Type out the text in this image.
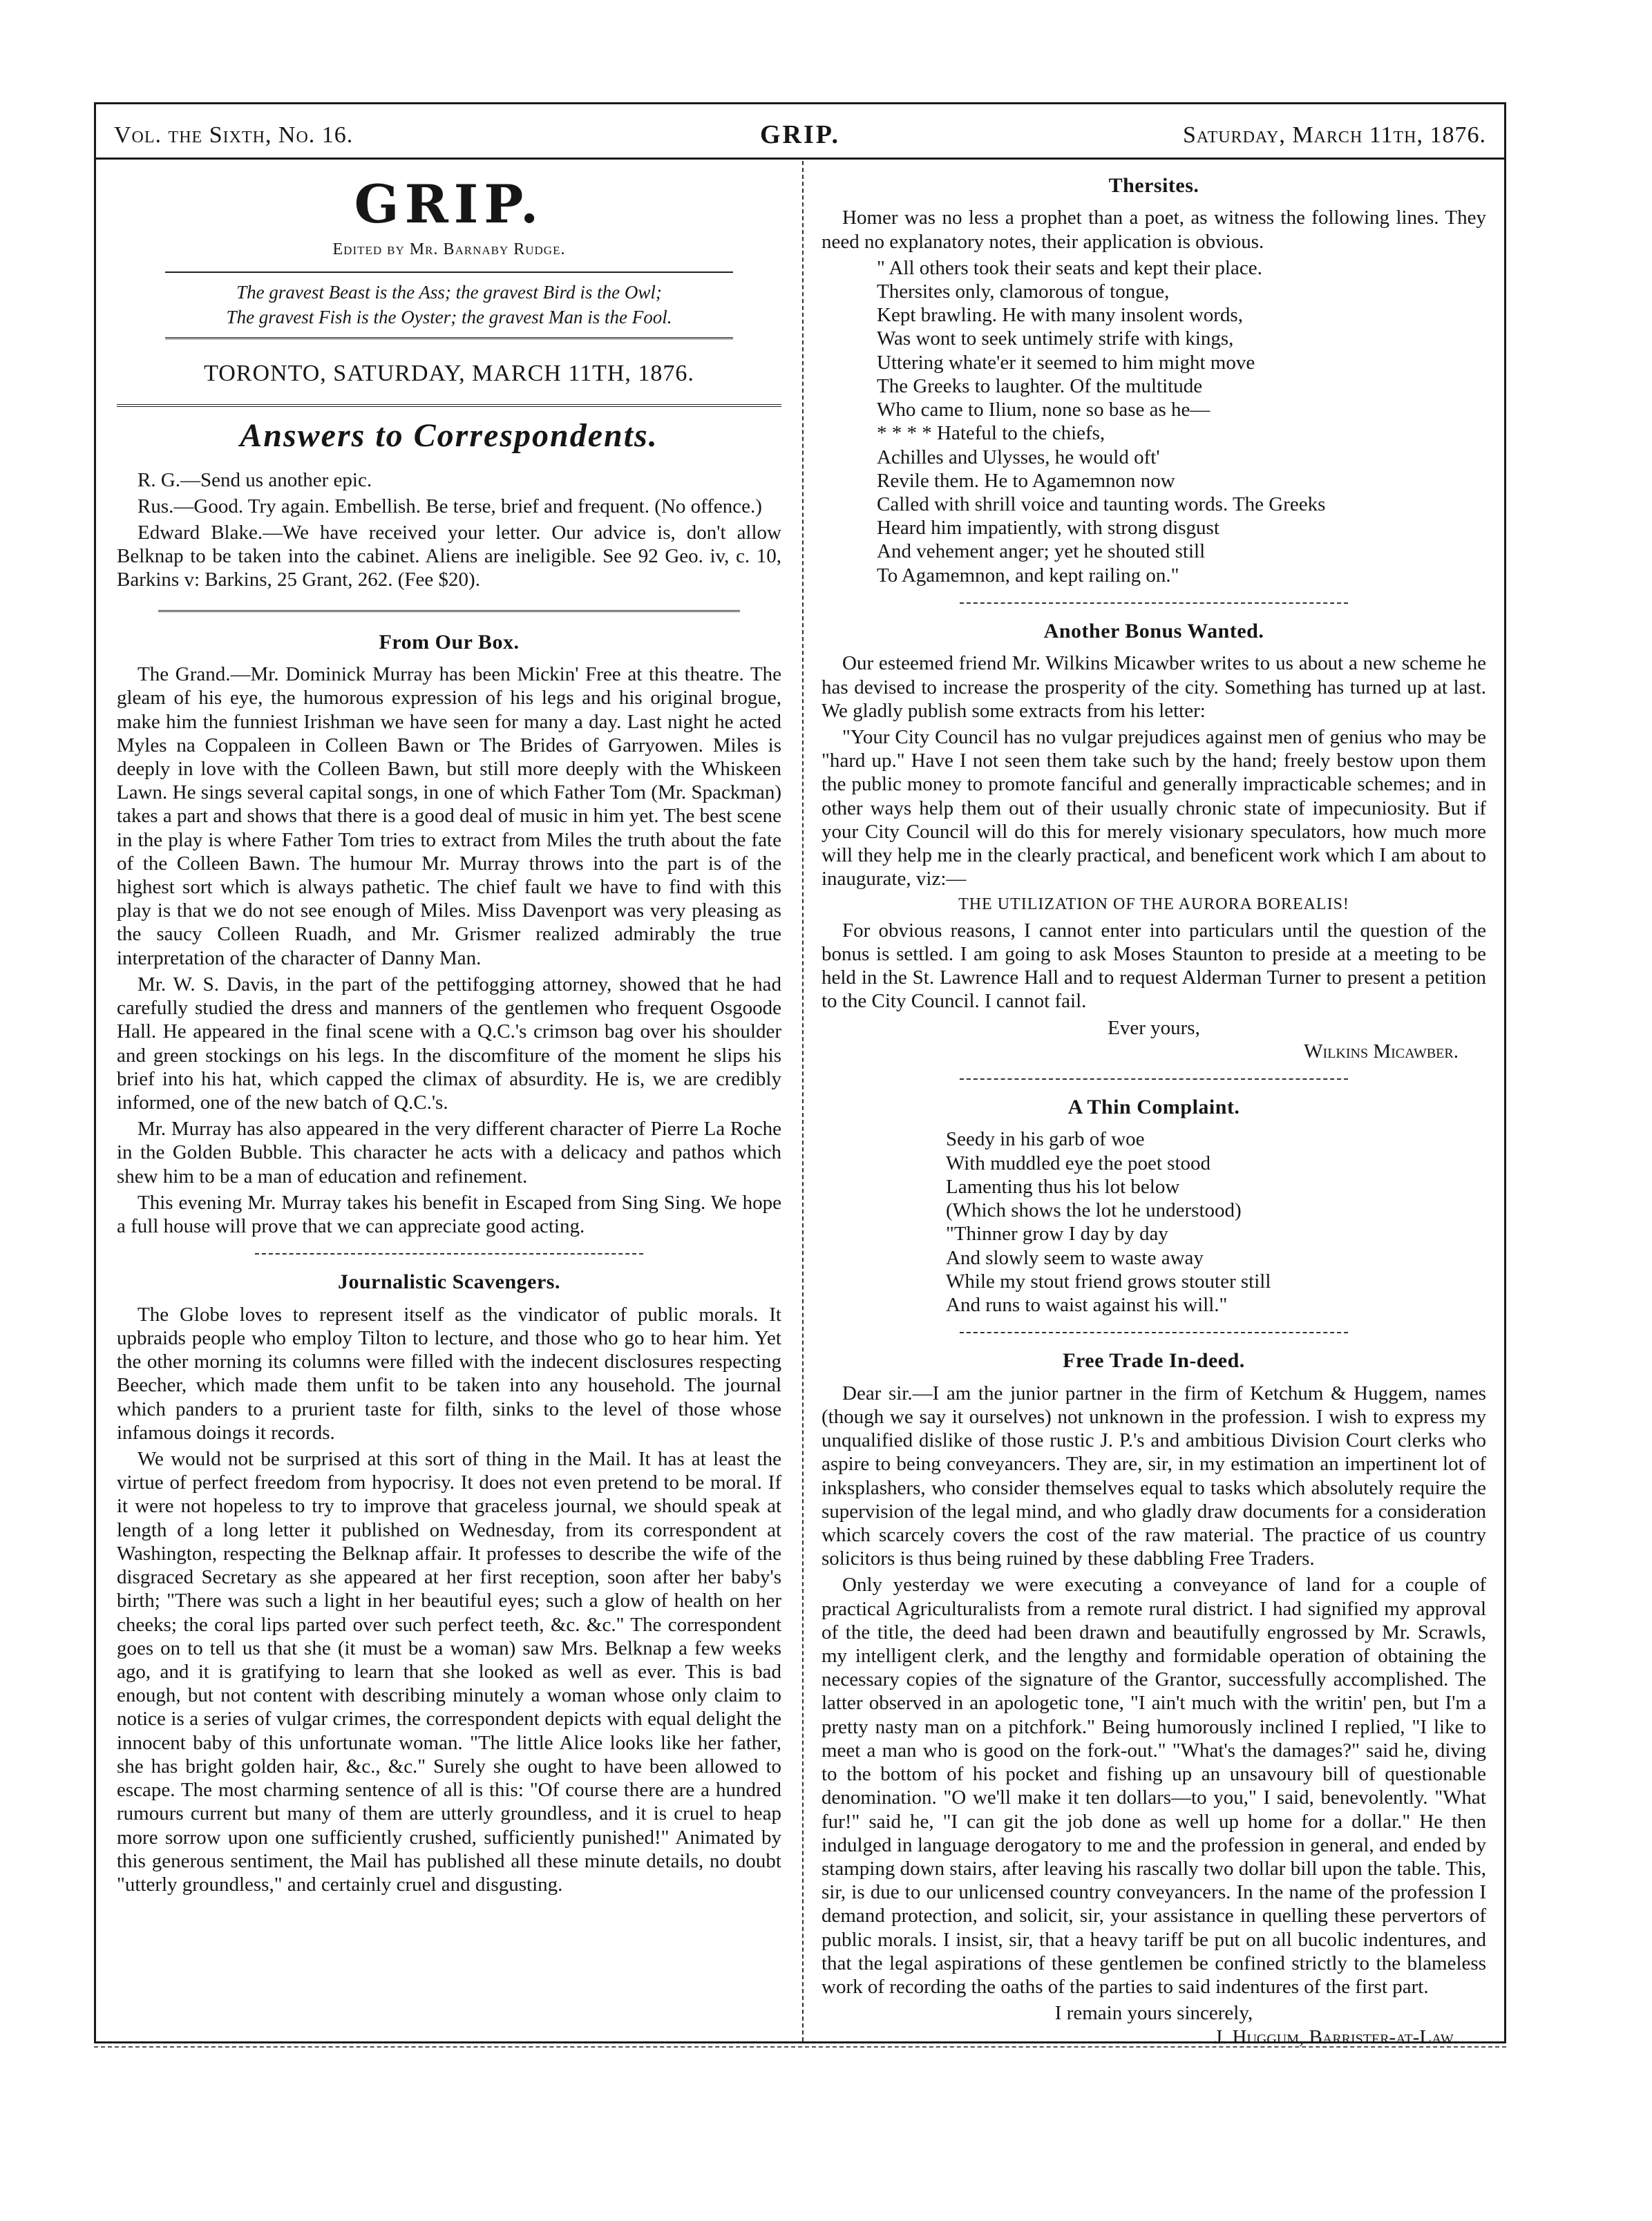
Vol. the Sixth, No. 16.	GRIP.	Saturday, March 11th, 1876.
GRIP.
Edited by Mr. Barnaby Rudge.
The gravest Beast is the Ass; the gravest Bird is the Owl;
The gravest Fish is the Oyster; the gravest Man is the Fool.
TORONTO, SATURDAY, MARCH 11TH, 1876.
Answers to Correspondents.

R. G.—Send us another epic.

Rus.—Good. Try again. Embellish. Be terse, brief and frequent. (No offence.)

Edward Blake.—We have received your letter. Our advice is, don't allow Belknap to be taken into the cabinet. Aliens are ineligible. See 92 Geo. iv, c. 10, Barkins v: Barkins, 25 Grant, 262. (Fee $20).

From Our Box.

The Grand.—Mr. Dominick Murray has been Mickin' Free at this theatre. The gleam of his eye, the humorous expression of his legs and his original brogue, make him the funniest Irishman we have seen for many a day. Last night he acted Myles na Coppaleen in Colleen Bawn or The Brides of Garryowen. Miles is deeply in love with the Colleen Bawn, but still more deeply with the Whiskeen Lawn. He sings several capital songs, in one of which Father Tom (Mr. Spackman) takes a part and shows that there is a good deal of music in him yet. The best scene in the play is where Father Tom tries to extract from Miles the truth about the fate of the Colleen Bawn. The humour Mr. Murray throws into the part is of the highest sort which is always pathetic. The chief fault we have to find with this play is that we do not see enough of Miles. Miss Davenport was very pleasing as the saucy Colleen Ruadh, and Mr. Grismer realized admirably the true interpretation of the character of Danny Man.

Mr. W. S. Davis, in the part of the pettifogging attorney, showed that he had carefully studied the dress and manners of the gentlemen who frequent Osgoode Hall. He appeared in the final scene with a Q.C.'s crimson bag over his shoulder and green stockings on his legs. In the discomfiture of the moment he slips his brief into his hat, which capped the climax of absurdity. He is, we are credibly informed, one of the new batch of Q.C.'s.

Mr. Murray has also appeared in the very different character of Pierre La Roche in the Golden Bubble. This character he acts with a delicacy and pathos which shew him to be a man of education and refinement.

This evening Mr. Murray takes his benefit in Escaped from Sing Sing. We hope a full house will prove that we can appreciate good acting.

Journalistic Scavengers.

The Globe loves to represent itself as the vindicator of public morals. It upbraids people who employ Tilton to lecture, and those who go to hear him. Yet the other morning its columns were filled with the indecent disclosures respecting Beecher, which made them unfit to be taken into any household. The journal which panders to a prurient taste for filth, sinks to the level of those whose infamous doings it records.

We would not be surprised at this sort of thing in the Mail. It has at least the virtue of perfect freedom from hypocrisy. It does not even pretend to be moral. If it were not hopeless to try to improve that graceless journal, we should speak at length of a long letter it published on Wednesday, from its correspondent at Washington, respecting the Belknap affair. It professes to describe the wife of the disgraced Secretary as she appeared at her first reception, soon after her baby's birth; "There was such a light in her beautiful eyes; such a glow of health on her cheeks; the coral lips parted over such perfect teeth, &c. &c." The correspondent goes on to tell us that she (it must be a woman) saw Mrs. Belknap a few weeks ago, and it is gratifying to learn that she looked as well as ever. This is bad enough, but not content with describing minutely a woman whose only claim to notice is a series of vulgar crimes, the correspondent depicts with equal delight the innocent baby of this unfortunate woman. "The little Alice looks like her father, she has bright golden hair, &c., &c." Surely she ought to have been allowed to escape. The most charming sentence of all is this: "Of course there are a hundred rumours current but many of them are utterly groundless, and it is cruel to heap more sorrow upon one sufficiently crushed, sufficiently punished!" Animated by this generous sentiment, the Mail has published all these minute details, no doubt "utterly groundless," and certainly cruel and disgusting.

Thersites.

Homer was no less a prophet than a poet, as witness the following lines. They need no explanatory notes, their application is obvious.

" All others took their seats and kept their place.
Thersites only, clamorous of tongue,
Kept brawling. He with many insolent words,
Was wont to seek untimely strife with kings,
Uttering whate'er it seemed to him might move
The Greeks to laughter. Of the multitude
Who came to Ilium, none so base as he—
* * * * Hateful to the chiefs,
Achilles and Ulysses, he would oft'
Revile them. He to Agamemnon now
Called with shrill voice and taunting words. The Greeks
Heard him impatiently, with strong disgust
And vehement anger; yet he shouted still
To Agamemnon, and kept railing on."
Another Bonus Wanted.

Our esteemed friend Mr. Wilkins Micawber writes to us about a new scheme he has devised to increase the prosperity of the city. Something has turned up at last. We gladly publish some extracts from his letter:

"Your City Council has no vulgar prejudices against men of genius who may be "hard up." Have I not seen them take such by the hand; freely bestow upon them the public money to promote fanciful and generally impracticable schemes; and in other ways help them out of their usually chronic state of impecuniosity. But if your City Council will do this for merely visionary speculators, how much more will they help me in the clearly practical, and beneficent work which I am about to inaugurate, viz:—

THE UTILIZATION OF THE AURORA BOREALIS!

For obvious reasons, I cannot enter into particulars until the question of the bonus is settled. I am going to ask Moses Staunton to preside at a meeting to be held in the St. Lawrence Hall and to request Alderman Turner to present a petition to the City Council. I cannot fail.

Ever yours,
Wilkins Micawber.
A Thin Complaint.
Seedy in his garb of woe
With muddled eye the poet stood
Lamenting thus his lot below
(Which shows the lot he understood)
"Thinner grow I day by day
And slowly seem to waste away
While my stout friend grows stouter still
And runs to waist against his will."
Free Trade In-deed.

Dear sir.—I am the junior partner in the firm of Ketchum & Huggem, names (though we say it ourselves) not unknown in the profession. I wish to express my unqualified dislike of those rustic J. P.'s and ambitious Division Court clerks who aspire to being conveyancers. They are, sir, in my estimation an impertinent lot of inksplashers, who consider themselves equal to tasks which absolutely require the supervision of the legal mind, and who gladly draw documents for a consideration which scarcely covers the cost of the raw material. The practice of us country solicitors is thus being ruined by these dabbling Free Traders.

Only yesterday we were executing a conveyance of land for a couple of practical Agriculturalists from a remote rural district. I had signified my approval of the title, the deed had been drawn and beautifully engrossed by Mr. Scrawls, my intelligent clerk, and the lengthy and formidable operation of obtaining the necessary copies of the signature of the Grantor, successfully accomplished. The latter observed in an apologetic tone, "I ain't much with the writin' pen, but I'm a pretty nasty man on a pitchfork." Being humorously inclined I replied, "I like to meet a man who is good on the fork-out." "What's the damages?" said he, diving to the bottom of his pocket and fishing up an unsavoury bill of questionable denomination. "O we'll make it ten dollars—to you," I said, benevolently. "What fur!" said he, "I can git the job done as well up home for a dollar." He then indulged in language derogatory to me and the profession in general, and ended by stamping down stairs, after leaving his rascally two dollar bill upon the table. This, sir, is due to our unlicensed country conveyancers. In the name of the profession I demand protection, and solicit, sir, your assistance in quelling these pervertors of public morals. I insist, sir, that a heavy tariff be put on all bucolic indentures, and that the legal aspirations of these gentlemen be confined strictly to the blameless work of recording the oaths of the parties to said indentures of the first part.

I remain yours sincerely,
J. Huggum, Barrister-at-Law.
